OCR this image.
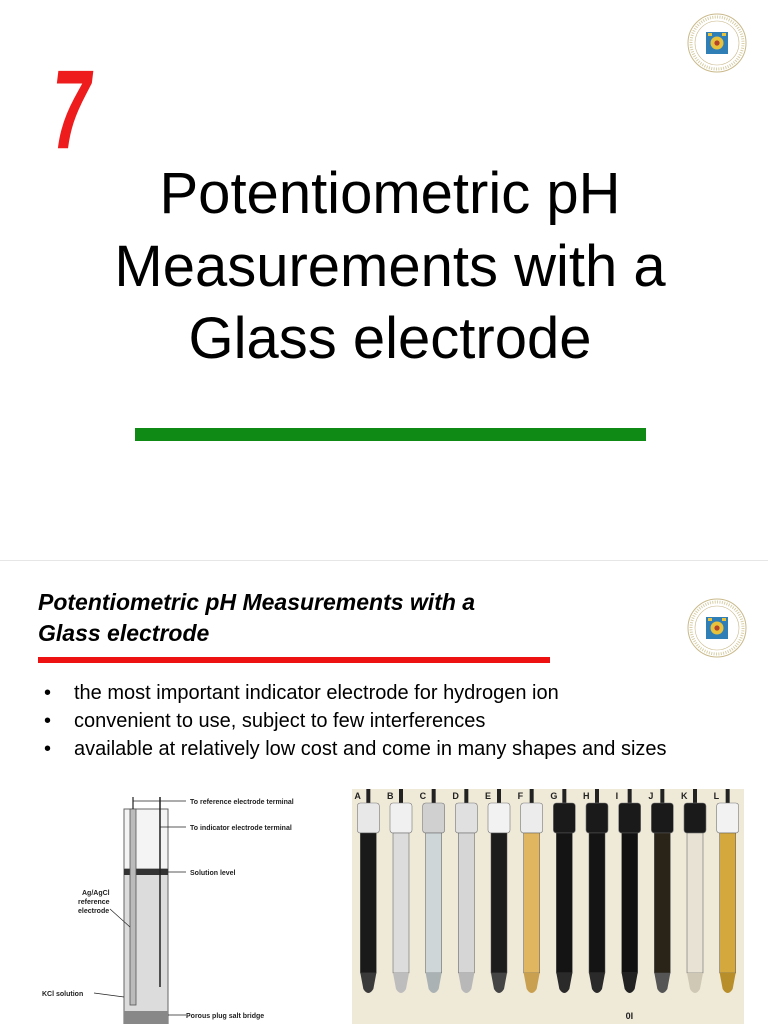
7
Potentiometric pH
Measurements with a
Glass electrode
Potentiometric pH Measurements with a
Glass electrode
• the most important indicator electrode for hydrogen ion
• convenient to use, subject to few interferences
• available at relatively low cost and come in many shapes and sizes
To reference electrode terminal
To indicator electrode terminal
Solution level
Ag/AgCl
reference
electrode
KCl solution
Porous plug salt bridge
A	B	C	D	E	F	G	H	I	J	K	L
0I
